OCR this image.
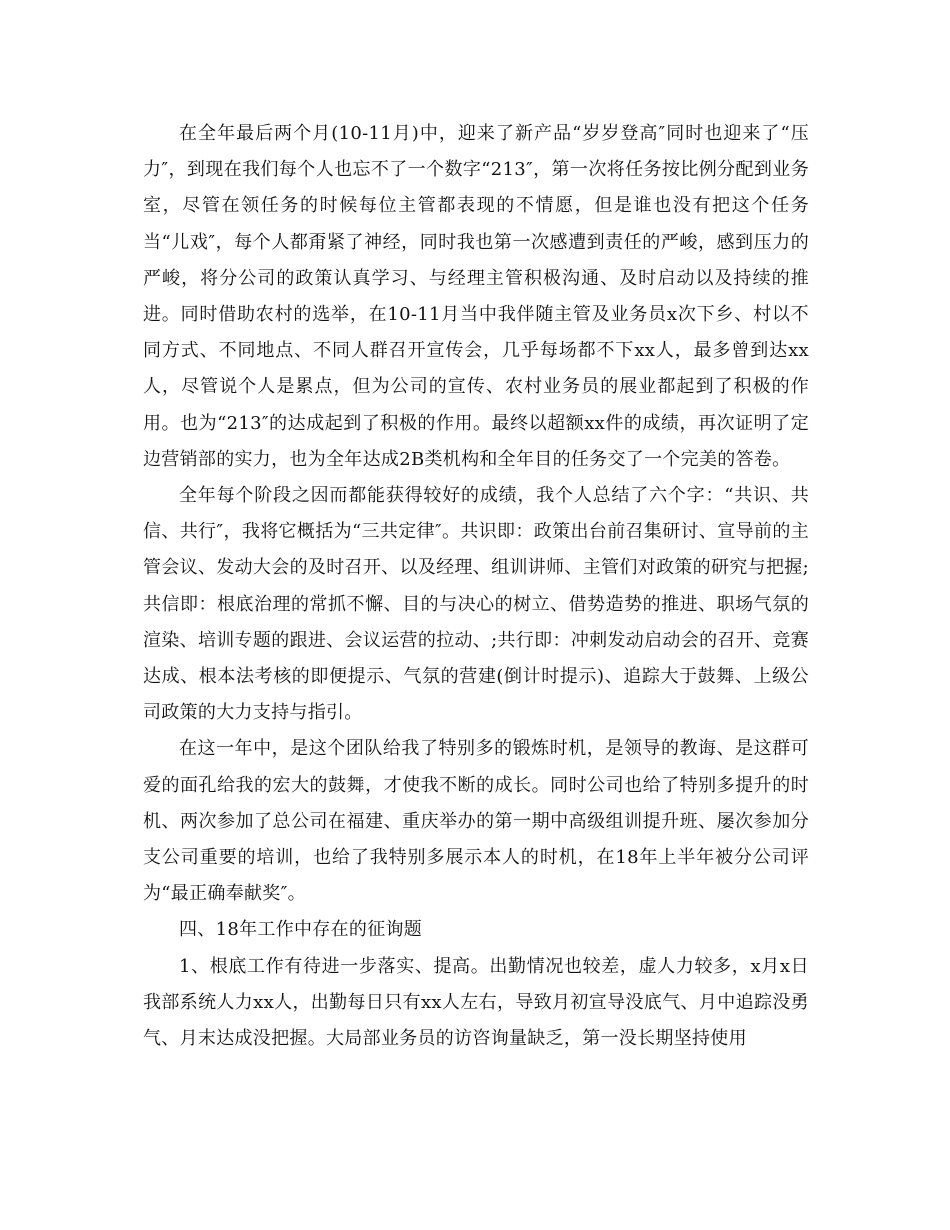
在全年最后两个月(10-11月)中，迎来了新产品“岁岁登高″同时也迎来了“压力″，到现在我们每个人也忘不了一个数字“213″，第一次将任务按比例分配到业务室，尽管在领任务的时候每位主管都表现的不情愿，但是谁也没有把这个任务当“儿戏″，每个人都甭紧了神经，同时我也第一次感遭到责任的严峻，感到压力的严峻，将分公司的政策认真学习、与经理主管积极沟通、及时启动以及持续的推进。同时借助农村的选举，在10-11月当中我伴随主管及业务员x次下乡、村以不同方式、不同地点、不同人群召开宣传会，几乎每场都不下xx人，最多曾到达xx人，尽管说个人是累点，但为公司的宣传、农村业务员的展业都起到了积极的作用。也为“213″的达成起到了积极的作用。最终以超额xx件的成绩，再次证明了定边营销部的实力，也为全年达成2B类机构和全年目的任务交了一个完美的答卷。

全年每个阶段之因而都能获得较好的成绩，我个人总结了六个字：“共识、共信、共行″，我将它概括为“三共定律″。共识即：政策出台前召集研讨、宣导前的主管会议、发动大会的及时召开、以及经理、组训讲师、主管们对政策的研究与把握;共信即：根底治理的常抓不懈、目的与决心的树立、借势造势的推进、职场气氛的渲染、培训专题的跟进、会议运营的拉动、;共行即：冲刺发动启动会的召开、竞赛达成、根本法考核的即便提示、气氛的营建(倒计时提示)、追踪大于鼓舞、上级公司政策的大力支持与指引。

在这一年中，是这个团队给我了特别多的锻炼时机，是领导的教诲、是这群可爱的面孔给我的宏大的鼓舞，才使我不断的成长。同时公司也给了特别多提升的时机、两次参加了总公司在福建、重庆举办的第一期中高级组训提升班、屡次参加分支公司重要的培训，也给了我特别多展示本人的时机，在18年上半年被分公司评为“最正确奉献奖″。

四、18年工作中存在的征询题

1、根底工作有待进一步落实、提高。出勤情况也较差，虚人力较多，x月x日我部系统人力xx人，出勤每日只有xx人左右，导致月初宣导没底气、月中追踪没勇气、月末达成没把握。大局部业务员的访咨询量缺乏，第一没长期坚持使用
